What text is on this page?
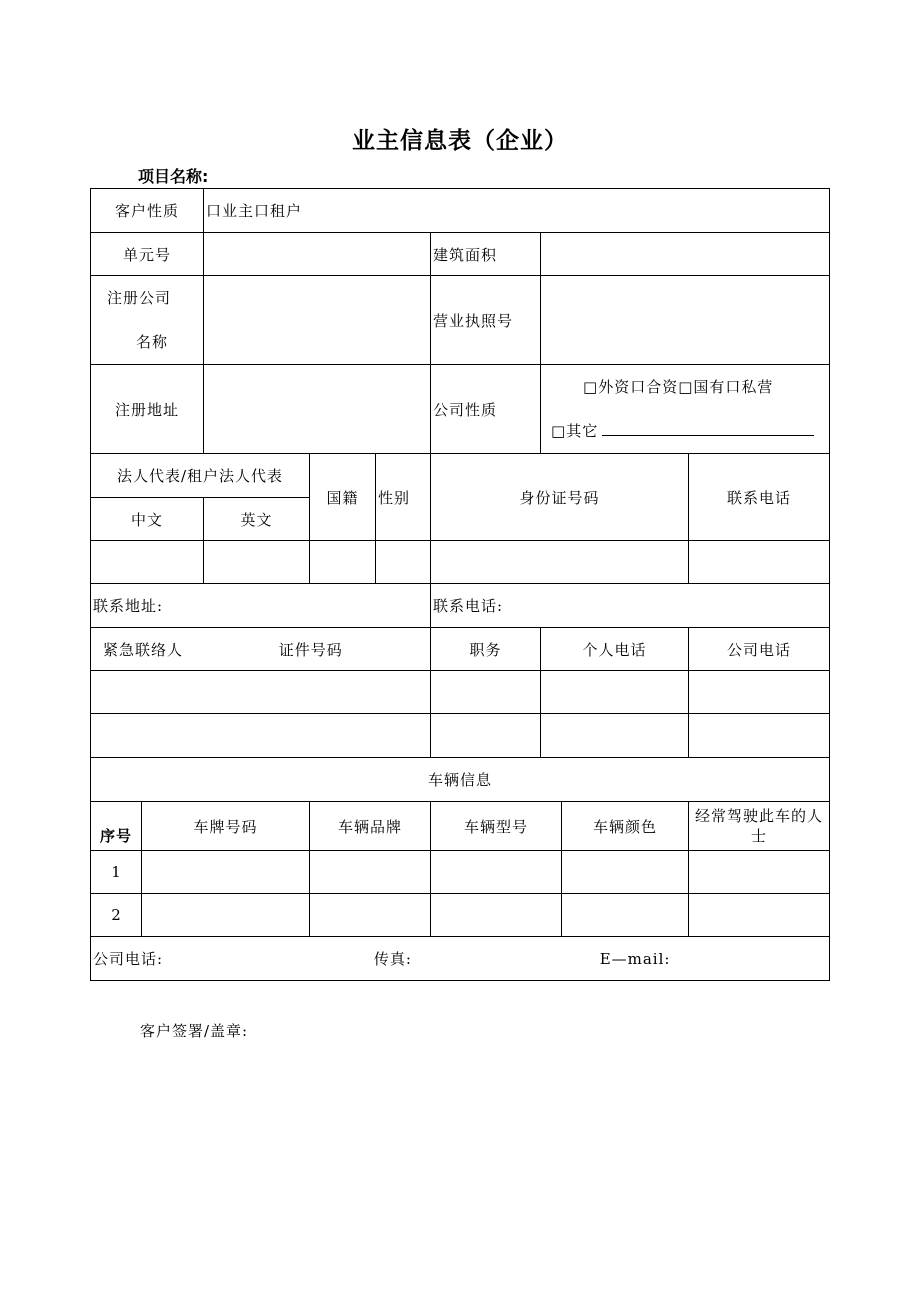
业主信息表（企业）
项目名称:
客户性质		口业主口租户						
单元号					建筑面积			

注册公司
名称					营业执照号			
注册地址					公司性质	□外资口合资□国有口私营
□其它		

法人代表/租户法人代表			国籍	性别	身份证号码			联系电话
中文		英文						

联系地址:					联系电话:			
紧急联络人 证件号码					职务	个人电话		公司电话

车辆信息								
序号	车牌号码		车辆品牌		车辆型号		车辆颜色	经常驾驶此车的人士
1								
2								
公司电话: 传真: E—mail:								
客户签署/盖章:
